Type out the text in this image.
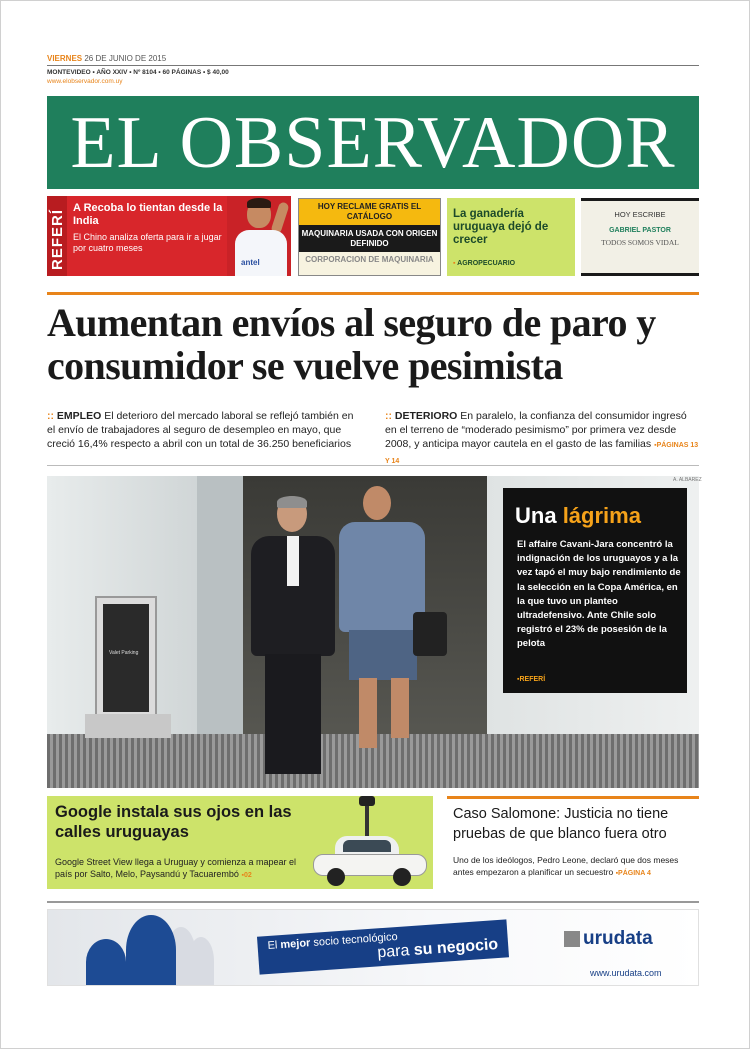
VIERNES 26 DE JUNIO DE 2015
MONTEVIDEO • AÑO XXIV • Nº 8104 • 60 PÁGINAS • $ 40,00
www.elobservador.com.uy
EL OBSERVADOR
REFERÍ
A Recoba lo tientan desde la India
El Chino analiza oferta para ir a jugar por cuatro meses
antel
HOY RECLAME GRATIS EL CATÁLOGO
MAQUINARIA USADA CON ORIGEN DEFINIDO
CORPORACION DE MAQUINARIA
La ganadería uruguaya dejó de crecer
▪ AGROPECUARIO
HOY ESCRIBE
GABRIEL PASTOR
TODOS SOMOS VIDAL
Aumentan envíos al seguro de paro y consumidor se vuelve pesimista
:: EMPLEO El deterioro del mercado laboral se reflejó también en el envío de trabajadores al seguro de desempleo en mayo, que creció 16,4% respecto a abril con un total de 36.250 beneficiarios
:: DETERIORO En paralelo, la confianza del consumidor ingresó en el terreno de “moderado pesimismo” por primera vez desde 2008, y anticipa mayor cautela en el gasto de las familias ▪PÁGINAS 13 Y 14
Valet Parking
A. ALBAREZ
Una lágrima
El affaire Cavani-Jara concentró la indignación de los uruguayos y a la vez tapó el muy bajo rendimiento de la selección en la Copa América, en la que tuvo un planteo ultradefensivo. Ante Chile solo registró el 23% de posesión de la pelota
▪REFERÍ
Google instala sus ojos en las calles uruguayas
Google Street View llega a Uruguay y comienza a mapear el país por Salto, Melo, Paysandú y Tacuarembó ▪02
Caso Salomone: Justicia no tiene pruebas de que blanco fuera otro
Uno de los ideólogos, Pedro Leone, declaró que dos meses antes empezaron a planificar un secuestro ▪PÁGINA 4
El mejor socio tecnológico
para su negocio	urudata
www.urudata.com
